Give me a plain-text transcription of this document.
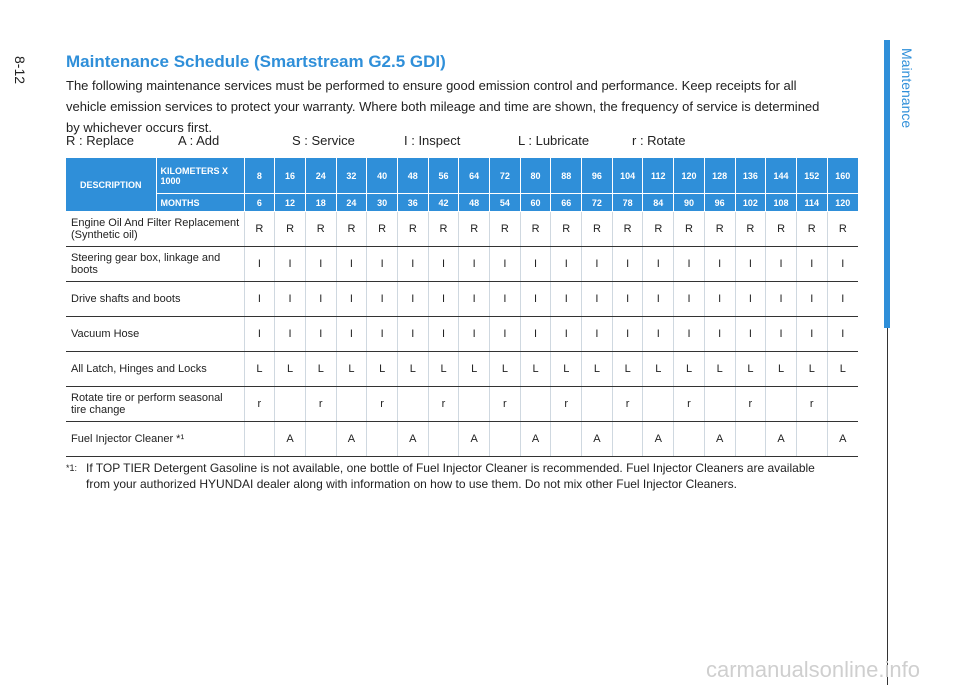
8-12	Maintenance
Maintenance Schedule (Smartstream G2.5 GDI)
The following maintenance services must be performed to ensure good emission control and performance. Keep receipts for all vehicle emission services to protect your warranty. Where both mileage and time are shown, the frequency of service is determined by whichever occurs first.
R : Replace	A : Add	S : Service	I : Inspect	L : Lubricate	r : Rotate
DESCRIPTION	KILOMETERS X 1000	8	16	24	32	40	48	56	64	72	80	88	96	104	112	120	128	136	144	152	160
	MONTHS	6	12	18	24	30	36	42	48	54	60	66	72	78	84	90	96	102	108	114	120
Engine Oil And Filter Replacement (Synthetic oil)		R	R	R	R	R	R	R	R	R	R	R	R	R	R	R	R	R	R	R	R
Steering gear box, linkage and boots		I	I	I	I	I	I	I	I	I	I	I	I	I	I	I	I	I	I	I	I
Drive shafts and boots		I	I	I	I	I	I	I	I	I	I	I	I	I	I	I	I	I	I	I	I
Vacuum Hose		I	I	I	I	I	I	I	I	I	I	I	I	I	I	I	I	I	I	I	I
All Latch, Hinges and Locks		L	L	L	L	L	L	L	L	L	L	L	L	L	L	L	L	L	L	L	L
Rotate tire or perform seasonal tire change		r		r		r		r		r		r		r		r		r		r	
Fuel Injector Cleaner *¹			A		A		A		A		A		A		A		A		A		A
*1: If TOP TIER Detergent Gasoline is not available, one bottle of Fuel Injector Cleaner is recommended. Fuel Injector Cleaners are available from your authorized HYUNDAI dealer along with information on how to use them. Do not mix other Fuel Injector Cleaners.
carmanualsonline.info
